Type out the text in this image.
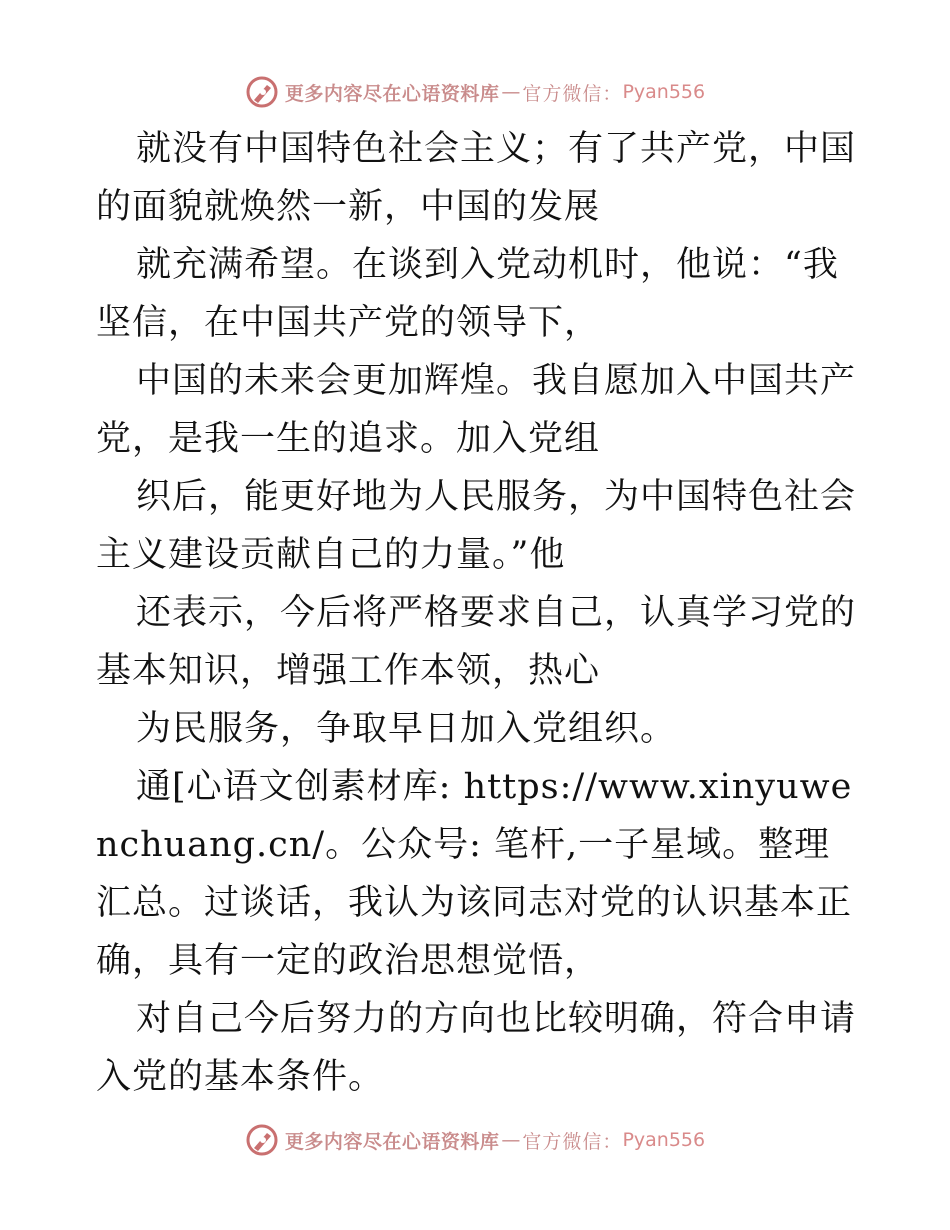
更多内容尽在心语资料库 — 官方微信： Pyan556

就没有中国特色社会主义；有了共产党，中国的面貌就焕然一新，中国的发展

就充满希望。在谈到入党动机时，他说：“我坚信，在中国共产党的领导下，

中国的未来会更加辉煌。我自愿加入中国共产党，是我一生的追求。加入党组

织后，能更好地为人民服务，为中国特色社会主义建设贡献自己的力量。”他

还表示，今后将严格要求自己，认真学习党的基本知识，增强工作本领，热心

为民服务，争取早日加入党组织。

通[心语文创素材库: https://www.xinyuwenchuang.cn/。公众号: 笔杆,一子星域。整理汇总。过谈话，我认为该同志对党的认识基本正确，具有一定的政治思想觉悟，

对自己今后努力的方向也比较明确，符合申请入党的基本条件。

更多内容尽在心语资料库 — 官方微信： Pyan556
